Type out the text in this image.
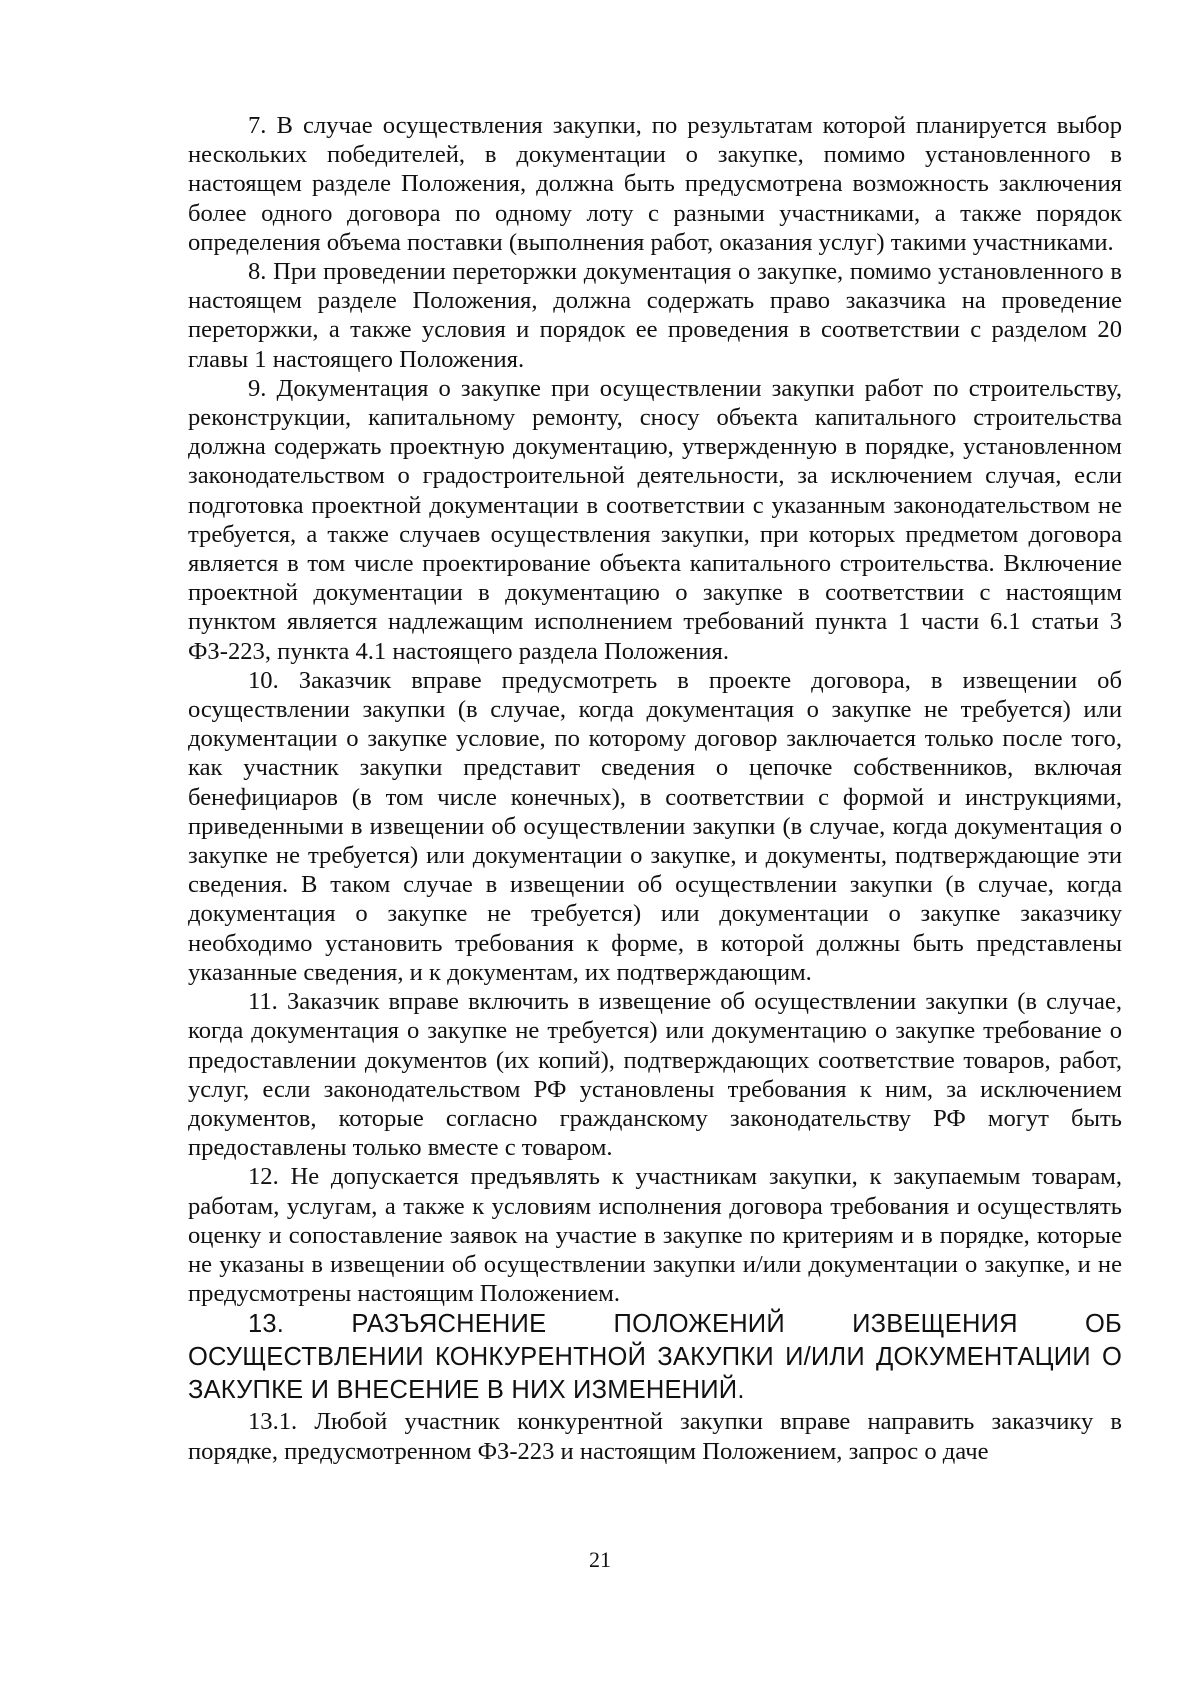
7. В случае осуществления закупки, по результатам которой планируется выбор нескольких победителей, в документации о закупке, помимо установленного в настоящем разделе Положения, должна быть предусмотрена возможность заключения более одного договора по одному лоту с разными участниками, а также порядок определения объема поставки (выполнения работ, оказания услуг) такими участниками.

8. При проведении переторжки документация о закупке, помимо установленного в настоящем разделе Положения, должна содержать право заказчика на проведение переторжки, а также условия и порядок ее проведения в соответствии с разделом 20 главы 1 настоящего Положения.

9. Документация о закупке при осуществлении закупки работ по строительству, реконструкции, капитальному ремонту, сносу объекта капитального строительства должна содержать проектную документацию, утвержденную в порядке, установленном законодательством о градостроительной деятельности, за исключением случая, если подготовка проектной документации в соответствии с указанным законодательством не требуется, а также случаев осуществления закупки, при которых предметом договора является в том числе проектирование объекта капитального строительства. Включение проектной документации в документацию о закупке в соответствии с настоящим пунктом является надлежащим исполнением требований пункта 1 части 6.1 статьи 3 ФЗ-223, пункта 4.1 настоящего раздела Положения.

10. Заказчик вправе предусмотреть в проекте договора, в извещении об осуществлении закупки (в случае, когда документация о закупке не требуется) или документации о закупке условие, по которому договор заключается только после того, как участник закупки представит сведения о цепочке собственников, включая бенефициаров (в том числе конечных), в соответствии с формой и инструкциями, приведенными в извещении об осуществлении закупки (в случае, когда документация о закупке не требуется) или документации о закупке, и документы, подтверждающие эти сведения. В таком случае в извещении об осуществлении закупки (в случае, когда документация о закупке не требуется) или документации о закупке заказчику необходимо установить требования к форме, в которой должны быть представлены указанные сведения, и к документам, их подтверждающим.

11. Заказчик вправе включить в извещение об осуществлении закупки (в случае, когда документация о закупке не требуется) или документацию о закупке требование о предоставлении документов (их копий), подтверждающих соответствие товаров, работ, услуг, если законодательством РФ установлены требования к ним, за исключением документов, которые согласно гражданскому законодательству РФ могут быть предоставлены только вместе с товаром.

12. Не допускается предъявлять к участникам закупки, к закупаемым товарам, работам, услугам, а также к условиям исполнения договора требования и осуществлять оценку и сопоставление заявок на участие в закупке по критериям и в порядке, которые не указаны в извещении об осуществлении закупки и/или документации о закупке, и не предусмотрены настоящим Положением.

13. РАЗЪЯСНЕНИЕ ПОЛОЖЕНИЙ ИЗВЕЩЕНИЯ ОБ ОСУЩЕСТВЛЕНИИ КОНКУРЕНТНОЙ ЗАКУПКИ И/ИЛИ ДОКУМЕНТАЦИИ О ЗАКУПКЕ И ВНЕСЕНИЕ В НИХ ИЗМЕНЕНИЙ.

13.1. Любой участник конкурентной закупки вправе направить заказчику в порядке, предусмотренном ФЗ-223 и настоящим Положением, запрос о даче

21
